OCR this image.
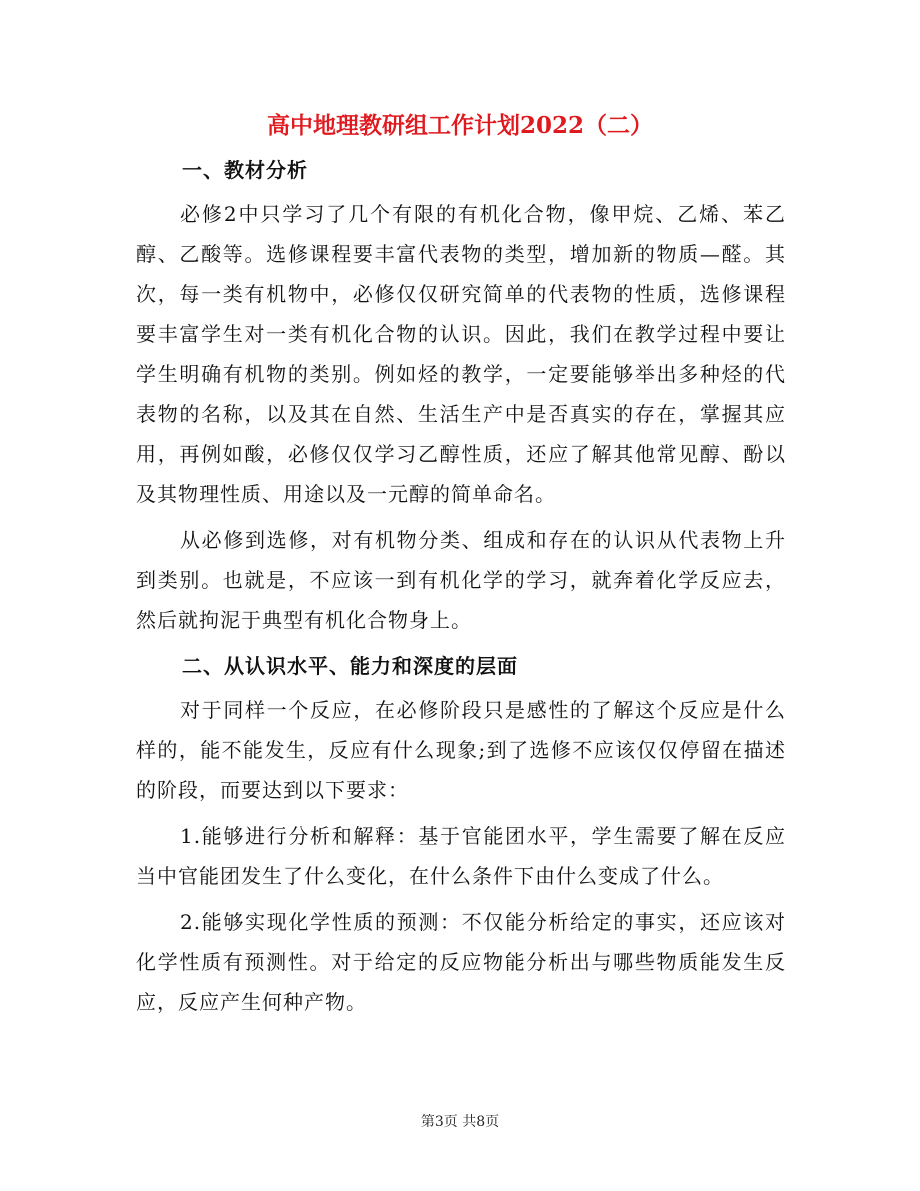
高中地理教研组工作计划2022（二）

一、教材分析

必修2中只学习了几个有限的有机化合物，像甲烷、乙烯、苯乙醇、乙酸等。选修课程要丰富代表物的类型，增加新的物质—醛。其次，每一类有机物中，必修仅仅研究简单的代表物的性质，选修课程要丰富学生对一类有机化合物的认识。因此，我们在教学过程中要让学生明确有机物的类别。例如烃的教学，一定要能够举出多种烃的代表物的名称，以及其在自然、生活生产中是否真实的存在，掌握其应用，再例如酸，必修仅仅学习乙醇性质，还应了解其他常见醇、酚以及其物理性质、用途以及一元醇的简单命名。

从必修到选修，对有机物分类、组成和存在的认识从代表物上升到类别。也就是，不应该一到有机化学的学习，就奔着化学反应去，然后就拘泥于典型有机化合物身上。

二、从认识水平、能力和深度的层面

对于同样一个反应，在必修阶段只是感性的了解这个反应是什么样的，能不能发生，反应有什么现象;到了选修不应该仅仅停留在描述的阶段，而要达到以下要求：

1.能够进行分析和解释：基于官能团水平，学生需要了解在反应当中官能团发生了什么变化，在什么条件下由什么变成了什么。

2.能够实现化学性质的预测：不仅能分析给定的事实，还应该对化学性质有预测性。对于给定的反应物能分析出与哪些物质能发生反应，反应产生何种产物。

第3页 共8页
